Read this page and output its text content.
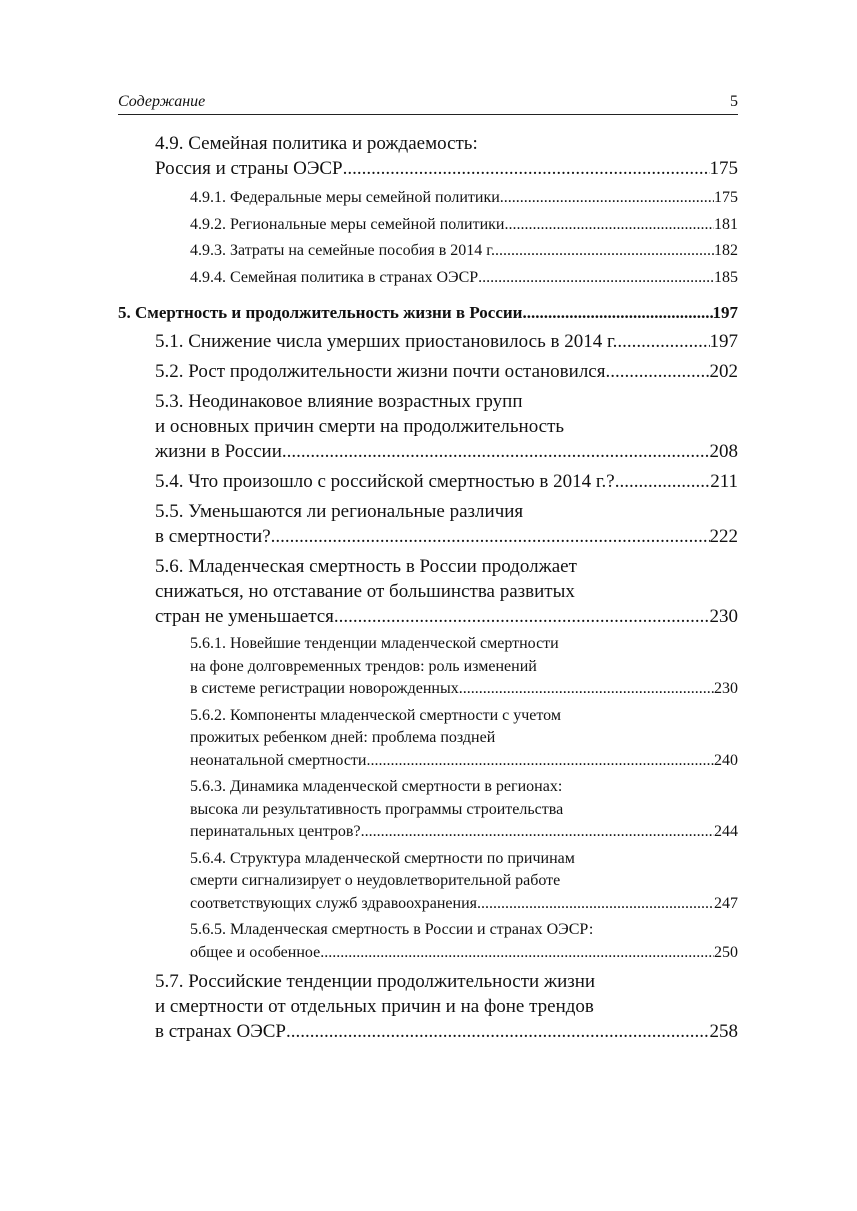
Содержание	5
4.9. Семейная политика и рождаемость:
Россия и страны ОЭСР .....	175
4.9.1. Федеральные меры семейной политики .....	175
4.9.2. Региональные меры семейной политики .....	181
4.9.3. Затраты на семейные пособия в 2014 г. .....	182
4.9.4. Семейная политика в странах ОЭСР .....	185
5. Смертность и продолжительность жизни в России .....	197
5.1. Снижение числа умерших приостановилось в 2014 г. .....	197
5.2. Рост продолжительности жизни почти остановился .....	202
5.3. Неодинаковое влияние возрастных групп
и основных причин смерти на продолжительность
жизни в России .....	208
5.4. Что произошло с российской смертностью в 2014 г.? .....	211
5.5. Уменьшаются ли региональные различия
в смертности? .....	222
5.6. Младенческая смертность в России продолжает
снижаться, но отставание от большинства развитых
стран не уменьшается .....	230
5.6.1. Новейшие тенденции младенческой смертности
на фоне долговременных трендов: роль изменений
в системе регистрации новорожденных .....	230
5.6.2. Компоненты младенческой смертности с учетом
прожитых ребенком дней: проблема поздней
неонатальной смертности .....	240
5.6.3. Динамика младенческой смертности в регионах:
высока ли результативность программы строительства
перинатальных центров? .....	244
5.6.4. Структура младенческой смертности по причинам
смерти сигнализирует о неудовлетворительной работе
соответствующих служб здравоохранения .....	247
5.6.5. Младенческая смертность в России и странах ОЭСР:
общее и особенное .....	250
5.7. Российские тенденции продолжительности жизни
и смертности от отдельных причин и на фоне трендов
в странах ОЭСР .....	258
